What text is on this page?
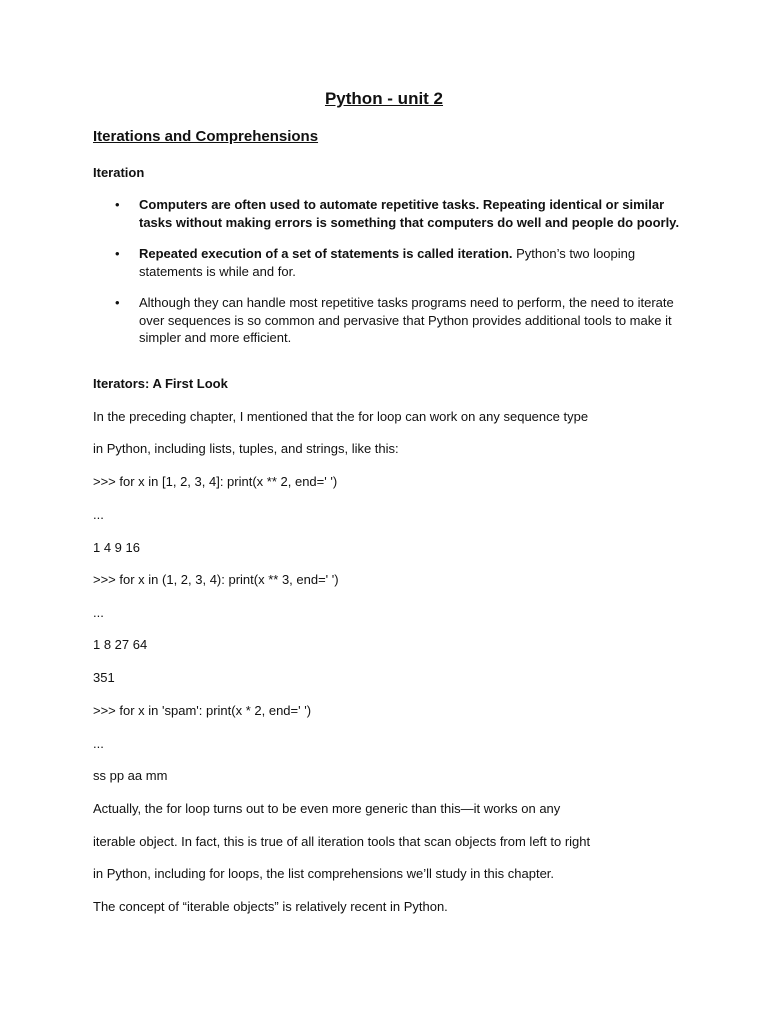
Python - unit 2
Iterations and Comprehensions
Iteration
• Computers are often used to automate repetitive tasks. Repeating identical or similar tasks without making errors is something that computers do well and people do poorly.
• Repeated execution of a set of statements is called iteration. Python’s two looping statements is while and for.
• Although they can handle most repetitive tasks programs need to perform, the need to iterate over sequences is so common and pervasive that Python provides additional tools to make it simpler and more efficient.
Iterators: A First Look
In the preceding chapter, I mentioned that the for loop can work on any sequence type
in Python, including lists, tuples, and strings, like this:
>>> for x in [1, 2, 3, 4]: print(x ** 2, end=' ')
...
1 4 9 16
>>> for x in (1, 2, 3, 4): print(x ** 3, end=' ')
...
1 8 27 64
351
>>> for x in 'spam': print(x * 2, end=' ')
...
ss pp aa mm
Actually, the for loop turns out to be even more generic than this—it works on any
iterable object. In fact, this is true of all iteration tools that scan objects from left to right
in Python, including for loops, the list comprehensions we’ll study in this chapter.
The concept of “iterable objects” is relatively recent in Python.
